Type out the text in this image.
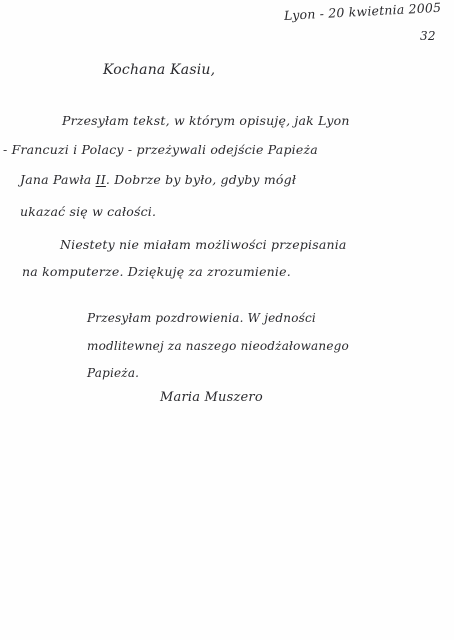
Lyon - 20 kwietnia 2005
32
Kochana Kasiu,
Przesyłam tekst, w którym opisuję, jak Lyon
- Francuzi i Polacy - przeżywali odejście Papieża
Jana Pawła II. Dobrze by było, gdyby mógł
ukazać się w całości.
Niestety nie miałam możliwości przepisania
na komputerze. Dziękuję za zrozumienie.
Przesyłam pozdrowienia. W jedności
modlitewnej za naszego nieodżałowanego
Papieża.
Maria Muszero
